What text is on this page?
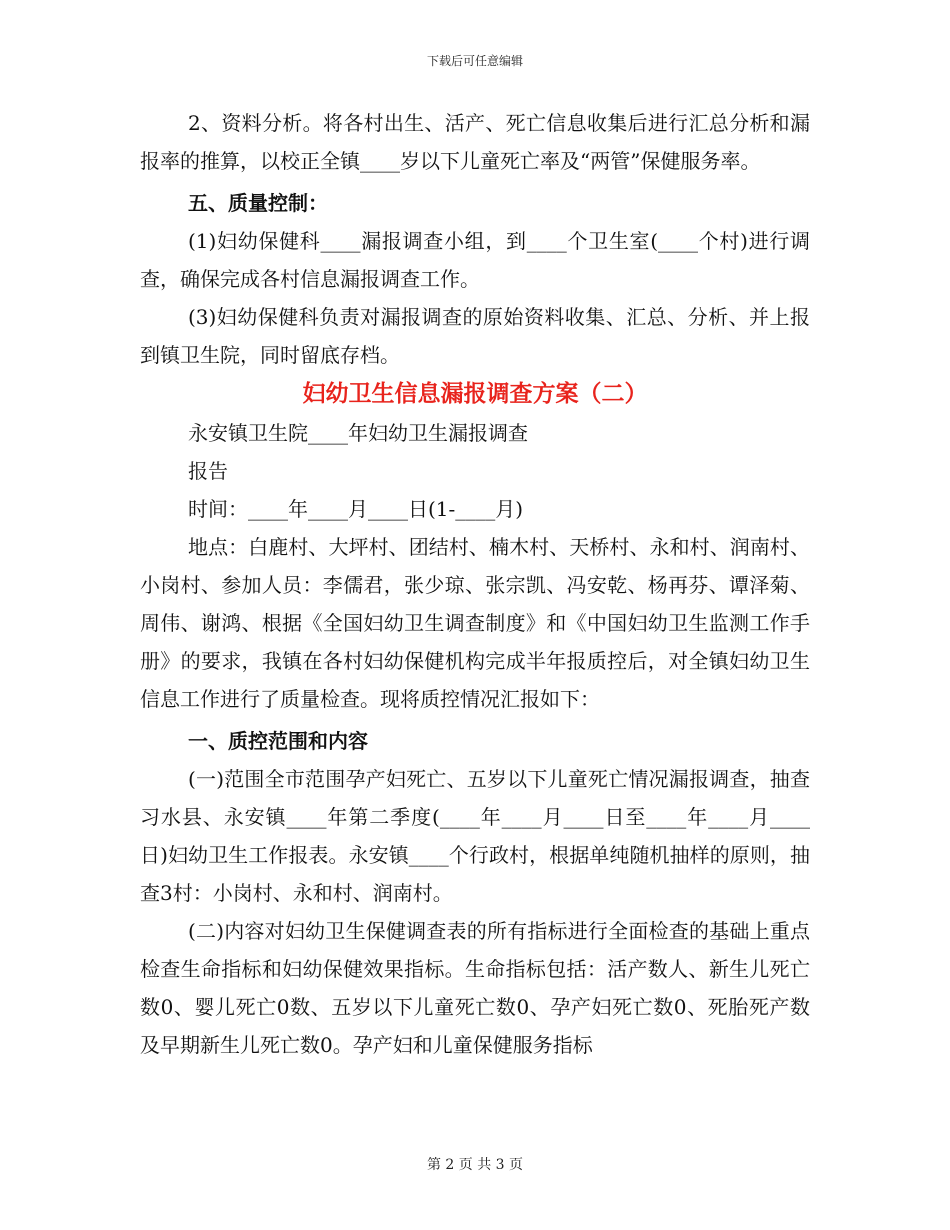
下载后可任意编辑

2、资料分析。将各村出生、活产、死亡信息收集后进行汇总分析和漏报率的推算，以校正全镇____岁以下儿童死亡率及“两管”保健服务率。

五、质量控制：

(1)妇幼保健科____漏报调查小组，到____个卫生室(____个村)进行调查，确保完成各村信息漏报调查工作。

(3)妇幼保健科负责对漏报调查的原始资料收集、汇总、分析、并上报到镇卫生院，同时留底存档。

妇幼卫生信息漏报调查方案（二）

永安镇卫生院____年妇幼卫生漏报调查

报告

时间：____年____月____日(1-____月)

地点：白鹿村、大坪村、团结村、楠木村、天桥村、永和村、润南村、小岗村、参加人员：李儒君，张少琼、张宗凯、冯安乾、杨再芬、谭泽菊、周伟、谢鸿、根据《全国妇幼卫生调查制度》和《中国妇幼卫生监测工作手册》的要求，我镇在各村妇幼保健机构完成半年报质控后，对全镇妇幼卫生信息工作进行了质量检查。现将质控情况汇报如下：

一、质控范围和内容

(一)范围全市范围孕产妇死亡、五岁以下儿童死亡情况漏报调查，抽查习水县、永安镇____年第二季度(____年____月____日至____年____月____日)妇幼卫生工作报表。永安镇____个行政村，根据单纯随机抽样的原则，抽查3村：小岗村、永和村、润南村。

(二)内容对妇幼卫生保健调查表的所有指标进行全面检查的基础上重点检查生命指标和妇幼保健效果指标。生命指标包括：活产数人、新生儿死亡数0、婴儿死亡0数、五岁以下儿童死亡数0、孕产妇死亡数0、死胎死产数及早期新生儿死亡数0。孕产妇和儿童保健服务指标

第 2 页 共 3 页
